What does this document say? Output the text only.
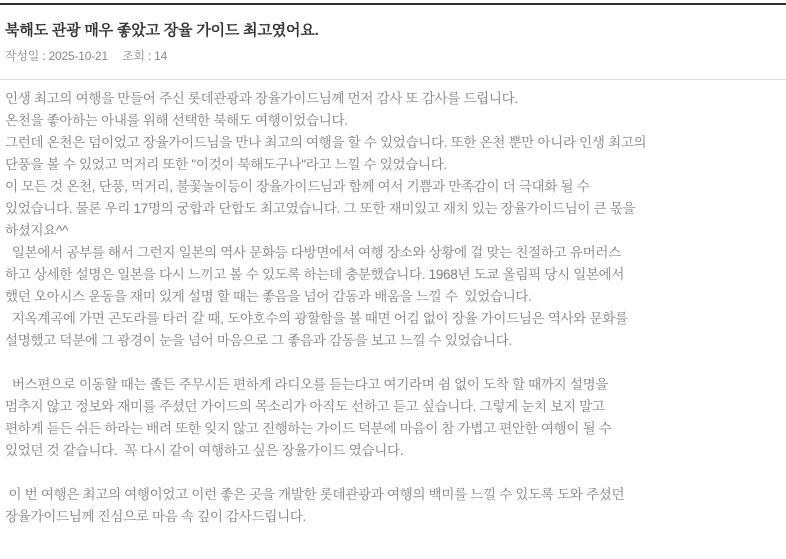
북해도 관광 매우 좋았고 장율 가이드 최고였어요.
작성일 : 2025-10-21 조회 : 14
인생 최고의 여행을 만들어 주신 롯데관광과 장율가이드님께 먼저 감사 또 감사를 드립니다.
온천을 좋아하는 아내를 위해 선택한 북해도 여행이었습니다.
그런데 온천은 덤이었고 장율가이드님을 만나 최고의 여행을 할 수 있었습니다. 또한 온천 뿐만 아니라 인생 최고의
단풍을 볼 수 있었고 먹거리 또한 "이것이 북해도구나"라고 느낄 수 있었습니다.
이 모든 것 온천, 단풍, 먹거리, 불꽃놀이등이 장율가이드님과 함께 여서 기쁨과 만족감이 더 극대화 될 수
있었습니다. 물론 우리 17명의 궁합과 단합도 최고였습니다. 그 또한 재미있고 재치 있는 장율가이드님이 큰 몫을
하셨지요^^
일본에서 공부를 해서 그런지 일본의 역사 문화등 다방면에서 여행 장소와 상황에 걸 맞는 친절하고 유머러스
하고 상세한 설명은 일본을 다시 느끼고 볼 수 있도록 하는데 충분했습니다. 1968년 도쿄 올림픽 당시 일본에서
했던 오아시스 운동을 재미 있게 설명 할 때는 좋음을 넘어 감동과 배움을 느낄 수  있었습니다.
지옥계곡에 가면 곤도라를 타러 갈 때, 도야호수의 광할함을 볼 때면 어김 없이 장율 가이드님은 역사와 문화를
설명했고 덕분에 그 광경이 눈을 넘어 마음으로 그 좋음과 감동을 보고 느낄 수 있었습니다.
버스편으로 이동할 때는 졸든 주무시든 편하게 라디오를 듣는다고 여기라며 쉼 없이 도착 할 때까지 설명을
멈추지 않고 정보와 재미를 주셨던 가이드의 목소리가 아직도 선하고 듣고 싶습니다. 그렇게 눈치 보지 말고
편하게 듣든 쉬든 하라는 배려 또한 잊지 않고 진행하는 가이드 덕분에 마음이 참 가볍고 편안한 여행이 될 수
있었던 것 같습니다.  꼭 다시 같이 여행하고 싶은 장율가이드 였습니다.
이 번 여행은 최고의 여행이었고 이런 좋은 곳을 개발한 롯데관광과 여행의 백미를 느낄 수 있도록 도와 주셨던
장율가이드님께 진심으로 마음 속 깊이 감사드립니다.
